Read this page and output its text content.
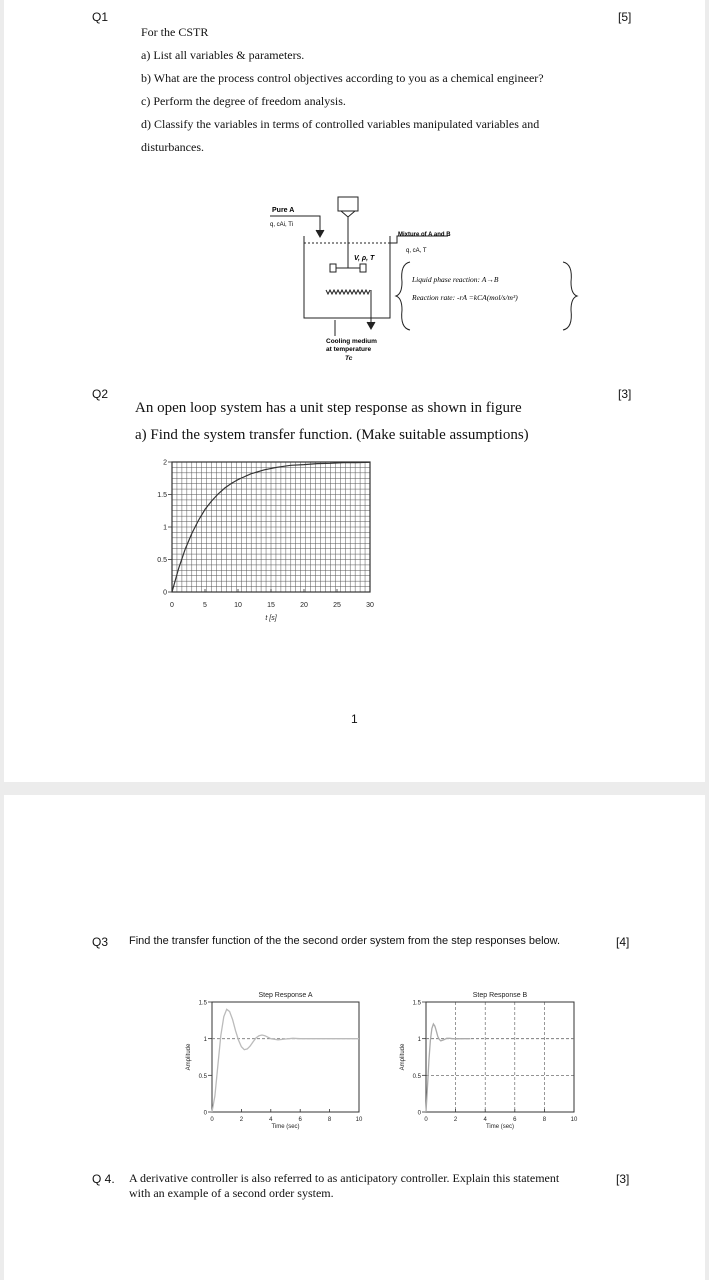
Q1	[5]
For the CSTR
a) List all variables & parameters.
b) What are the process control objectives according to you as a chemical engineer?
c) Perform the degree of freedom analysis.
d) Classify the variables in terms of controlled variables manipulated variables and
disturbances.
Pure A
q, cAi, Ti
V, ρ, T
Mixture of A and B
q, cA, T
Liquid phase reaction: A→B
Reaction rate: -rA =kCA(mol/s/m³)
Cooling medium
at temperature
Tc
Q2	[3]
An open loop system has a unit step response as shown in figure
a) Find the system transfer function. (Make suitable assumptions)
0	5	10	15	20	25	30
0
0.5
1
1.5
2
t [s]
1
Q3 Find the transfer function of the the second order system from the step responses below.	[4]
0	2	4	6	8	10
0
0.5
1
1.5
Step Response A
Time (sec)
Amplitude
0	2	4	6	8	10
0
0.5
1
1.5
Step Response B
Time (sec)
Amplitude
Q 4. A derivative controller is also referred to as anticipatory controller. Explain this statement
with an example of a second order system.
[3]
